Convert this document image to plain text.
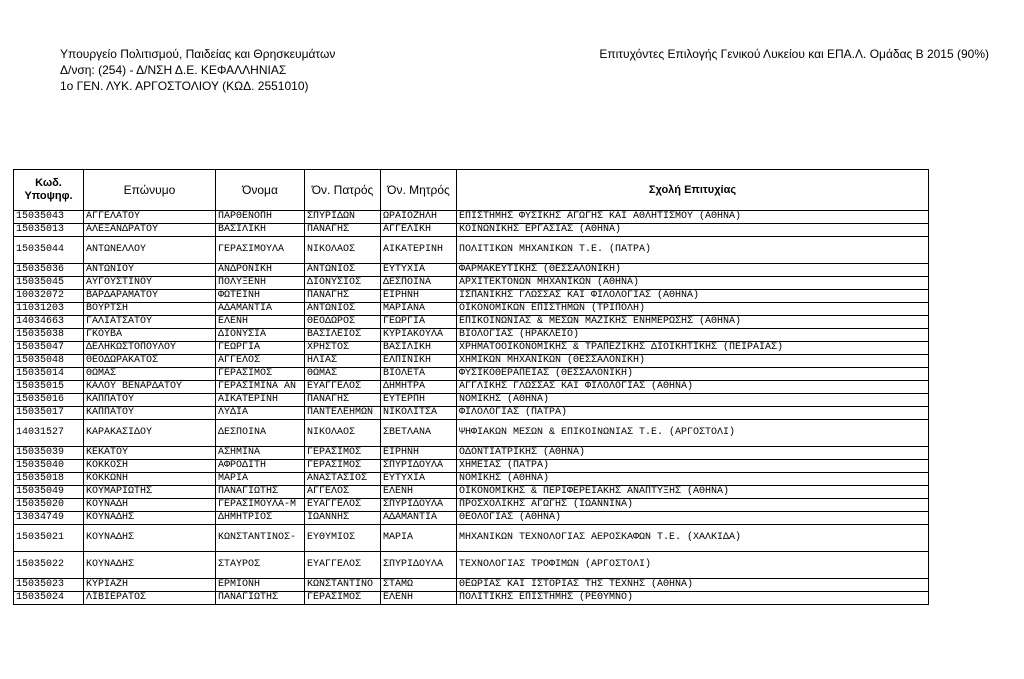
Υπουργείο Πολιτισμού, Παιδείας και Θρησκευμάτων
Δ/νση: (254) - Δ/ΝΣΗ Δ.Ε. ΚΕΦΑΛΛΗΝΙΑΣ
1ο ΓΕΝ. ΛΥΚ. ΑΡΓΟΣΤΟΛΙΟΥ (ΚΩΔ. 2551010)
Επιτυχόντες Επιλογής Γενικού Λυκείου και ΕΠΑ.Λ. Ομάδας Β 2015 (90%)
Κωδ. Υποψηφ.	Επώνυμο	Όνομα	Όν. Πατρός	Όν. Μητρός	Σχολή Επιτυχίας
15035043	ΑΓΓΕΛΑΤΟΥ	ΠΑΡΘΕΝΟΠΗ	ΣΠΥΡΙΔΩΝ	ΩΡΑΙΟΖΗΛΗ	ΕΠΙΣΤΗΜΗΣ ΦΥΣΙΚΗΣ ΑΓΩΓΗΣ ΚΑΙ ΑΘΛΗΤΙΣΜΟΥ (ΑΘΗΝΑ)
15035013	ΑΛΕΞΑΝΔΡΑΤΟΥ	ΒΑΣΙΛΙΚΗ	ΠΑΝΑΓΗΣ	ΑΓΓΕΛΙΚΗ	ΚΟΙΝΩΝΙΚΗΣ ΕΡΓΑΣΙΑΣ (ΑΘΗΝΑ)
15035044	ΑΝΤΩΝΕΛΛΟΥ	ΓΕΡΑΣΙΜΟΥΛΑ	ΝΙΚΟΛΑΟΣ	ΑΙΚΑΤΕΡΙΝΗ	ΠΟΛΙΤΙΚΩΝ ΜΗΧΑΝΙΚΩΝ Τ.Ε. (ΠΑΤΡΑ)
15035036	ΑΝΤΩΝΙΟΥ	ΑΝΔΡΟΝΙΚΗ	ΑΝΤΩΝΙΟΣ	ΕΥΤΥΧΙΑ	ΦΑΡΜΑΚΕΥΤΙΚΗΣ (ΘΕΣΣΑΛΟΝΙΚΗ)
15035045	ΑΥΓΟΥΣΤΙΝΟΥ	ΠΟΛΥΞΕΝΗ	ΔΙΟΝΥΣΙΟΣ	ΔΕΣΠΟΙΝΑ	ΑΡΧΙΤΕΚΤΟΝΩΝ ΜΗΧΑΝΙΚΩΝ (ΑΘΗΝΑ)
10032072	ΒΑΡΔΑΡΑΜΑΤΟΥ	ΦΩΤΕΙΝΗ	ΠΑΝΑΓΗΣ	ΕΙΡΗΝΗ	ΙΣΠΑΝΙΚΗΣ ΓΛΩΣΣΑΣ ΚΑΙ ΦΙΛΟΛΟΓΙΑΣ (ΑΘΗΝΑ)
11031203	ΒΟΥΡΤΣΗ	ΑΔΑΜΑΝΤΙΑ	ΑΝΤΩΝΙΟΣ	ΜΑΡΙΑΝΑ	ΟΙΚΟΝΟΜΙΚΩΝ ΕΠΙΣΤΗΜΩΝ (ΤΡΙΠΟΛΗ)
14034663	ΓΑΛΙΑΤΣΑΤΟΥ	ΕΛΕΝΗ	ΘΕΟΔΩΡΟΣ	ΓΕΩΡΓΙΑ	ΕΠΙΚΟΙΝΩΝΙΑΣ & ΜΕΣΩΝ ΜΑΖΙΚΗΣ ΕΝΗΜΕΡΩΣΗΣ (ΑΘΗΝΑ)
15035038	ΓΚΟΥΒΑ	ΔΙΟΝΥΣΙΑ	ΒΑΣΙΛΕΙΟΣ	ΚΥΡΙΑΚΟΥΛΑ	ΒΙΟΛΟΓΙΑΣ (ΗΡΑΚΛΕΙΟ)
15035047	ΔΕΛΗΚΩΣΤΟΠΟΥΛΟΥ	ΓΕΩΡΓΙΑ	ΧΡΗΣΤΟΣ	ΒΑΣΙΛΙΚΗ	ΧΡΗΜΑΤΟΟΙΚΟΝΟΜΙΚΗΣ & ΤΡΑΠΕΖΙΚΗΣ ΔΙΟΙΚΗΤΙΚΗΣ (ΠΕΙΡΑΙΑΣ)
15035048	ΘΕΟΔΩΡΑΚΑΤΟΣ	ΑΓΓΕΛΟΣ	ΗΛΙΑΣ	ΕΛΠΙΝΙΚΗ	ΧΗΜΙΚΩΝ ΜΗΧΑΝΙΚΩΝ (ΘΕΣΣΑΛΟΝΙΚΗ)
15035014	ΘΩΜΑΣ	ΓΕΡΑΣΙΜΟΣ	ΘΩΜΑΣ	ΒΙΟΛΕΤΑ	ΦΥΣΙΚΟΘΕΡΑΠΕΙΑΣ (ΘΕΣΣΑΛΟΝΙΚΗ)
15035015	ΚΑΛΟΥ ΒΕΝΑΡΔΑΤΟΥ	ΓΕΡΑΣΙΜΙΝΑ ΑΝ	ΕΥΑΓΓΕΛΟΣ	ΔΗΜΗΤΡΑ	ΑΓΓΛΙΚΗΣ ΓΛΩΣΣΑΣ ΚΑΙ ΦΙΛΟΛΟΓΙΑΣ (ΑΘΗΝΑ)
15035016	ΚΑΠΠΑΤΟΥ	ΑΙΚΑΤΕΡΙΝΗ	ΠΑΝΑΓΗΣ	ΕΥΤΕΡΠΗ	ΝΟΜΙΚΗΣ (ΑΘΗΝΑ)
15035017	ΚΑΠΠΑΤΟΥ	ΛΥΔΙΑ	ΠΑΝΤΕΛΕΗΜΩΝ	ΝΙΚΟΛΙΤΣΑ	ΦΙΛΟΛΟΓΙΑΣ (ΠΑΤΡΑ)
14031527	ΚΑΡΑΚΑΣΙΔΟΥ	ΔΕΣΠΟΙΝΑ	ΝΙΚΟΛΑΟΣ	ΣΒΕΤΛΑΝΑ	ΨΗΦΙΑΚΩΝ ΜΕΣΩΝ & ΕΠΙΚΟΙΝΩΝΙΑΣ Τ.Ε. (ΑΡΓΟΣΤΟΛΙ)
15035039	ΚΕΚΑΤΟΥ	ΑΣΗΜΙΝΑ	ΓΕΡΑΣΙΜΟΣ	ΕΙΡΗΝΗ	ΟΔΟΝΤΙΑΤΡΙΚΗΣ (ΑΘΗΝΑ)
15035040	ΚΟΚΚΟΣΗ	ΑΦΡΟΔΙΤΗ	ΓΕΡΑΣΙΜΟΣ	ΣΠΥΡΙΔΟΥΛΑ	ΧΗΜΕΙΑΣ (ΠΑΤΡΑ)
15035018	ΚΟΚΚΩΝΗ	ΜΑΡΙΑ	ΑΝΑΣΤΑΣΙΟΣ	ΕΥΤΥΧΙΑ	ΝΟΜΙΚΗΣ (ΑΘΗΝΑ)
15035049	ΚΟΥΜΑΡΙΩΤΗΣ	ΠΑΝΑΓΙΩΤΗΣ	ΑΓΓΕΛΟΣ	ΕΛΕΝΗ	ΟΙΚΟΝΟΜΙΚΗΣ & ΠΕΡΙΦΕΡΕΙΑΚΗΣ ΑΝΑΠΤΥΞΗΣ (ΑΘΗΝΑ)
15035020	ΚΟΥΝΑΔΗ	ΓΕΡΑΣΙΜΟΥΛΑ-Μ	ΕΥΑΓΓΕΛΟΣ	ΣΠΥΡΙΔΟΥΛΑ	ΠΡΟΣΧΟΛΙΚΗΣ ΑΓΩΓΗΣ (ΙΩΑΝΝΙΝΑ)
13034749	ΚΟΥΝΑΔΗΣ	ΔΗΜΗΤΡΙΟΣ	ΙΩΑΝΝΗΣ	ΑΔΑΜΑΝΤΙΑ	ΘΕΟΛΟΓΙΑΣ (ΑΘΗΝΑ)
15035021	ΚΟΥΝΑΔΗΣ	ΚΩΝΣΤΑΝΤΙΝΟΣ-	ΕΥΘΥΜΙΟΣ	ΜΑΡΙΑ	ΜΗΧΑΝΙΚΩΝ ΤΕΧΝΟΛΟΓΙΑΣ ΑΕΡΟΣΚΑΦΩΝ Τ.Ε. (ΧΑΛΚΙΔΑ)
15035022	ΚΟΥΝΑΔΗΣ	ΣΤΑΥΡΟΣ	ΕΥΑΓΓΕΛΟΣ	ΣΠΥΡΙΔΟΥΛΑ	ΤΕΧΝΟΛΟΓΙΑΣ ΤΡΟΦΙΜΩΝ (ΑΡΓΟΣΤΟΛΙ)
15035023	ΚΥΡΙΑΖΗ	ΕΡΜΙΟΝΗ	ΚΩΝΣΤΑΝΤΙΝΟ	ΣΤΑΜΩ	ΘΕΩΡΙΑΣ ΚΑΙ ΙΣΤΟΡΙΑΣ ΤΗΣ ΤΕΧΝΗΣ (ΑΘΗΝΑ)
15035024	ΛΙΒΙΕΡΑΤΟΣ	ΠΑΝΑΓΙΩΤΗΣ	ΓΕΡΑΣΙΜΟΣ	ΕΛΕΝΗ	ΠΟΛΙΤΙΚΗΣ ΕΠΙΣΤΗΜΗΣ (ΡΕΘΥΜΝΟ)
